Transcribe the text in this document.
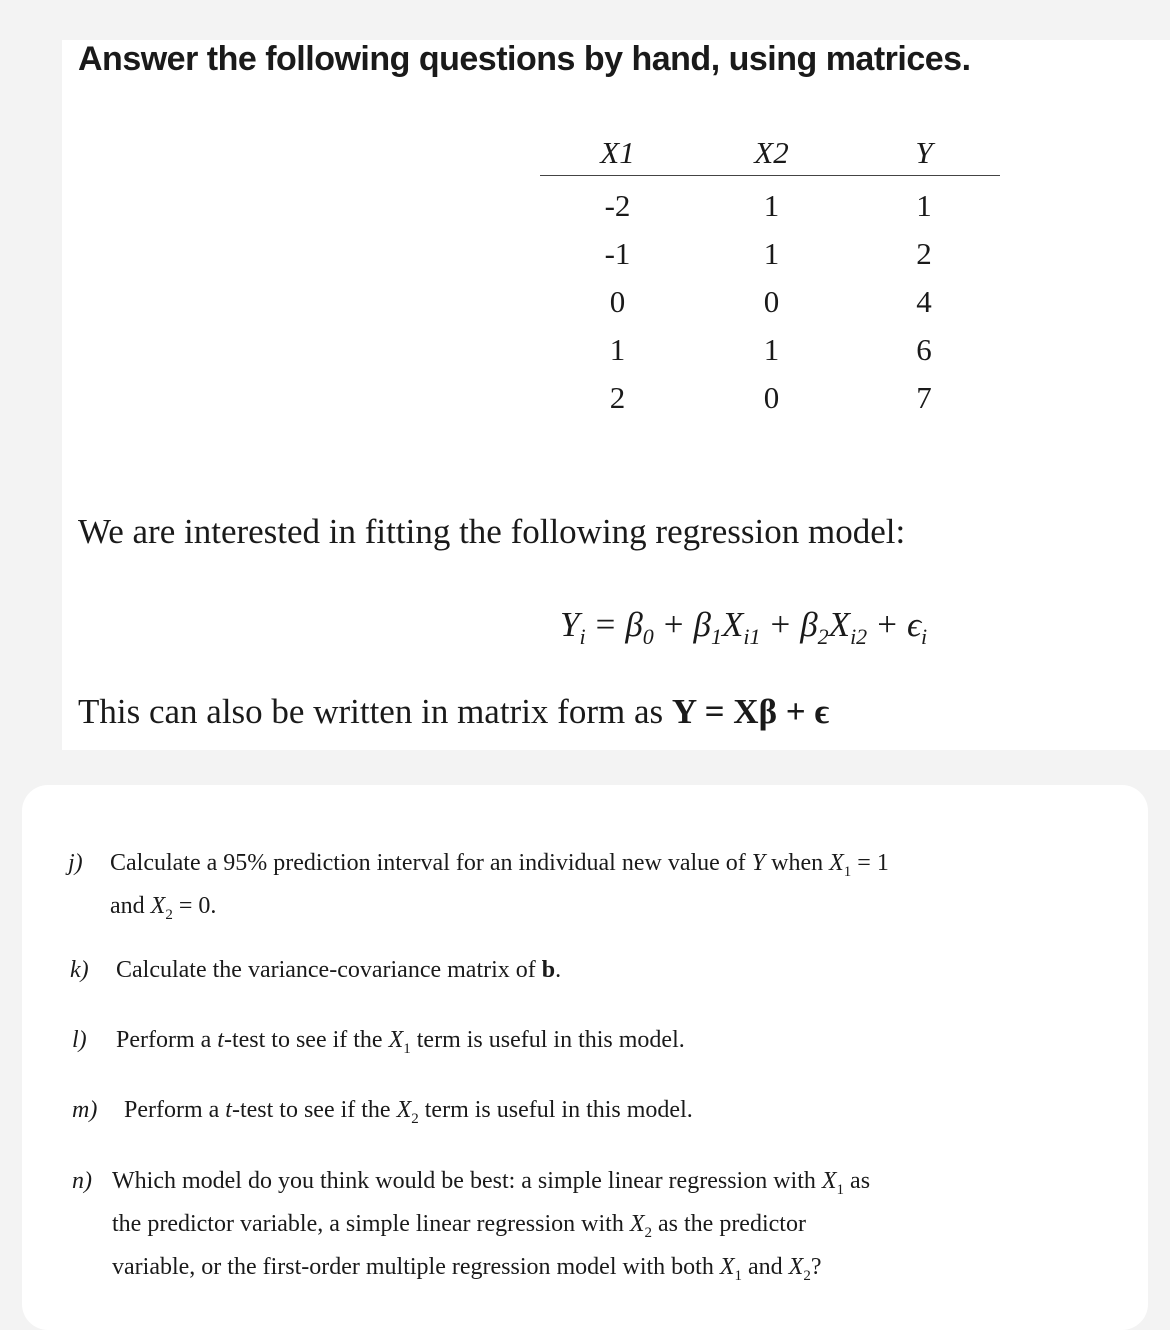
Answer the following questions by hand, using matrices.
X1	X2	Y
-2	1	1
-1	1	2
0	0	4
1	1	6
2	0	7
We are interested in fitting the following regression model:
$Y_i = \beta_0 + \beta_1X_{i1} + \beta_2X_{i2} + \epsilon_i$
This can also be written in matrix form as Y = Xβ + ϵ
j) Calculate a 95% prediction interval for an individual new value of Y when $X_1 = 1$
and $X_2 = 0$.
k) Calculate the variance-covariance matrix of b.
l) Perform a t-test to see if the $X_1$ term is useful in this model.
m) Perform a t-test to see if the $X_2$ term is useful in this model.
n) Which model do you think would be best: a simple linear regression with $X_1$ as
the predictor variable, a simple linear regression with $X_2$ as the predictor
variable, or the first-order multiple regression model with both $X_1$ and $X_2$?
